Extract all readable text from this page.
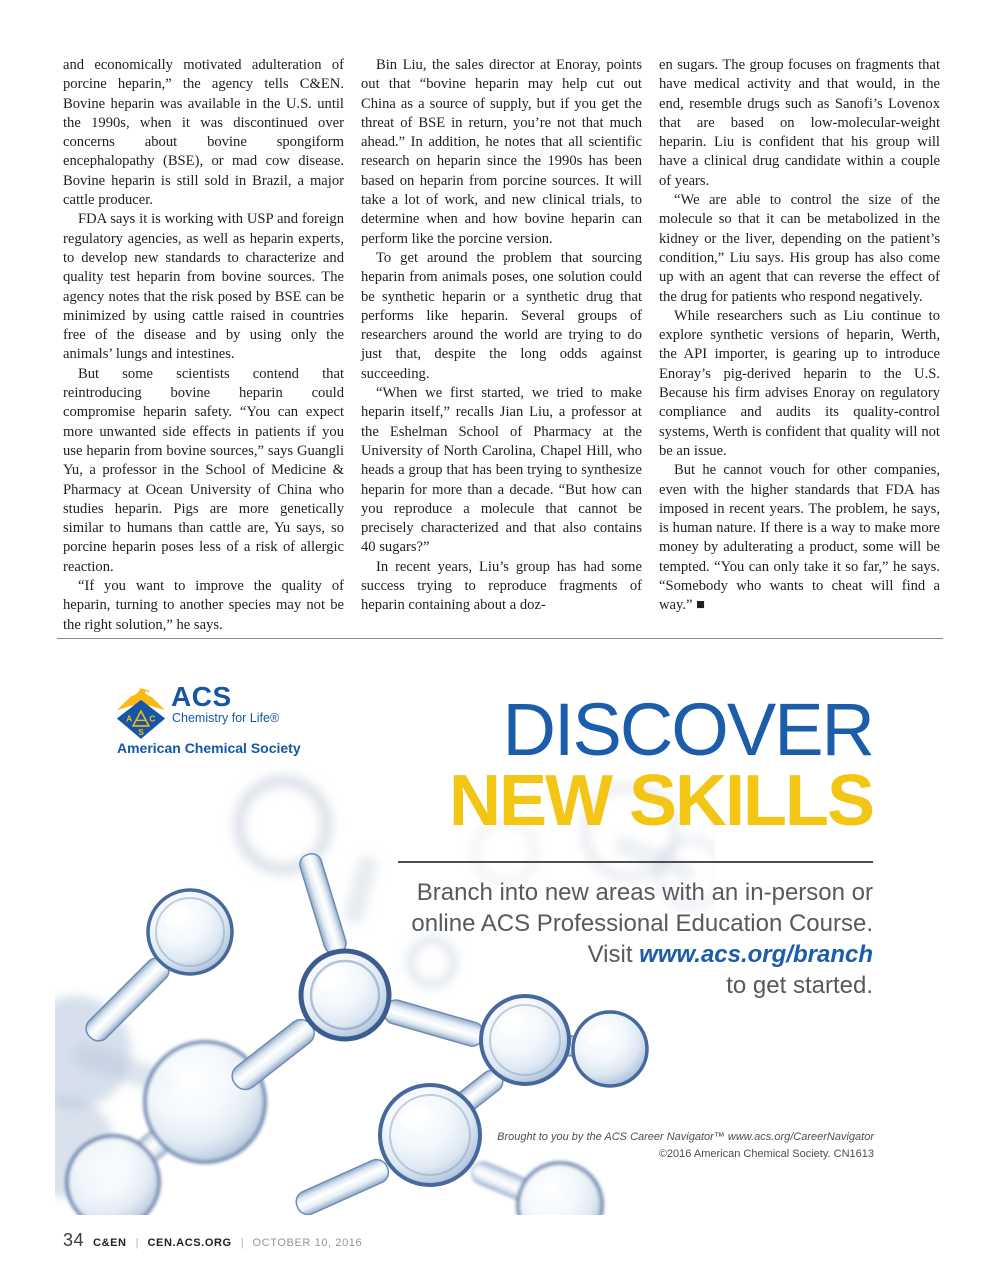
and economically motivated adulteration of porcine heparin,” the agency tells C&EN. Bovine heparin was available in the U.S. until the 1990s, when it was discontinued over concerns about bovine spongiform encephalopathy (BSE), or mad cow disease. Bovine heparin is still sold in Brazil, a major cattle producer.

FDA says it is working with USP and foreign regulatory agencies, as well as heparin experts, to develop new standards to characterize and quality test heparin from bovine sources. The agency notes that the risk posed by BSE can be minimized by using cattle raised in countries free of the disease and by using only the animals’ lungs and intestines.

But some scientists contend that reintroducing bovine heparin could compromise heparin safety. “You can expect more unwanted side effects in patients if you use heparin from bovine sources,” says Guangli Yu, a professor in the School of Medicine & Pharmacy at Ocean University of China who studies heparin. Pigs are more genetically similar to humans than cattle are, Yu says, so porcine heparin poses less of a risk of allergic reaction.

“If you want to improve the quality of heparin, turning to another species may not be the right solution,” he says.

Bin Liu, the sales director at Enoray, points out that “bovine heparin may help cut out China as a source of supply, but if you get the threat of BSE in return, you’re not that much ahead.” In addition, he notes that all scientific research on heparin since the 1990s has been based on heparin from porcine sources. It will take a lot of work, and new clinical trials, to determine when and how bovine heparin can perform like the porcine version.

To get around the problem that sourcing heparin from animals poses, one solution could be synthetic heparin or a synthetic drug that performs like heparin. Several groups of researchers around the world are trying to do just that, despite the long odds against succeeding.

“When we first started, we tried to make heparin itself,” recalls Jian Liu, a professor at the Eshelman School of Pharmacy at the University of North Carolina, Chapel Hill, who heads a group that has been trying to synthesize heparin for more than a decade. “But how can you reproduce a molecule that cannot be precisely characterized and that also contains 40 sugars?”

In recent years, Liu’s group has had some success trying to reproduce fragments of heparin containing about a doz-

en sugars. The group focuses on fragments that have medical activity and that would, in the end, resemble drugs such as Sanofi’s Lovenox that are based on low-molecular-weight heparin. Liu is confident that his group will have a clinical drug candidate within a couple of years.

“We are able to control the size of the molecule so that it can be metabolized in the kidney or the liver, depending on the patient’s condition,” Liu says. His group has also come up with an agent that can reverse the effect of the drug for patients who respond negatively.

While researchers such as Liu continue to explore synthetic versions of heparin, Werth, the API importer, is gearing up to introduce Enoray’s pig-derived heparin to the U.S. Because his firm advises Enoray on regulatory compliance and audits its quality-control systems, Werth is confident that quality will not be an issue.

But he cannot vouch for other companies, even with the higher standards that FDA has imposed in recent years. The problem, he says, is human nature. If there is a way to make more money by adulterating a product, some will be tempted. “You can only take it so far,” he says. “Somebody who wants to cheat will find a way.” ■

A C
S
ACS
Chemistry for Life®
American Chemical Society	DISCOVER
NEW SKILLS
Branch into new areas with an in-person or
online ACS Professional Education Course.
Visit www.acs.org/branch
to get started.
Brought to you by the ACS Career Navigator™ www.acs.org/CareerNavigator
©2016 American Chemical Society. CN1613
34 C&EN | CEN.ACS.ORG | OCTOBER 10, 2016
